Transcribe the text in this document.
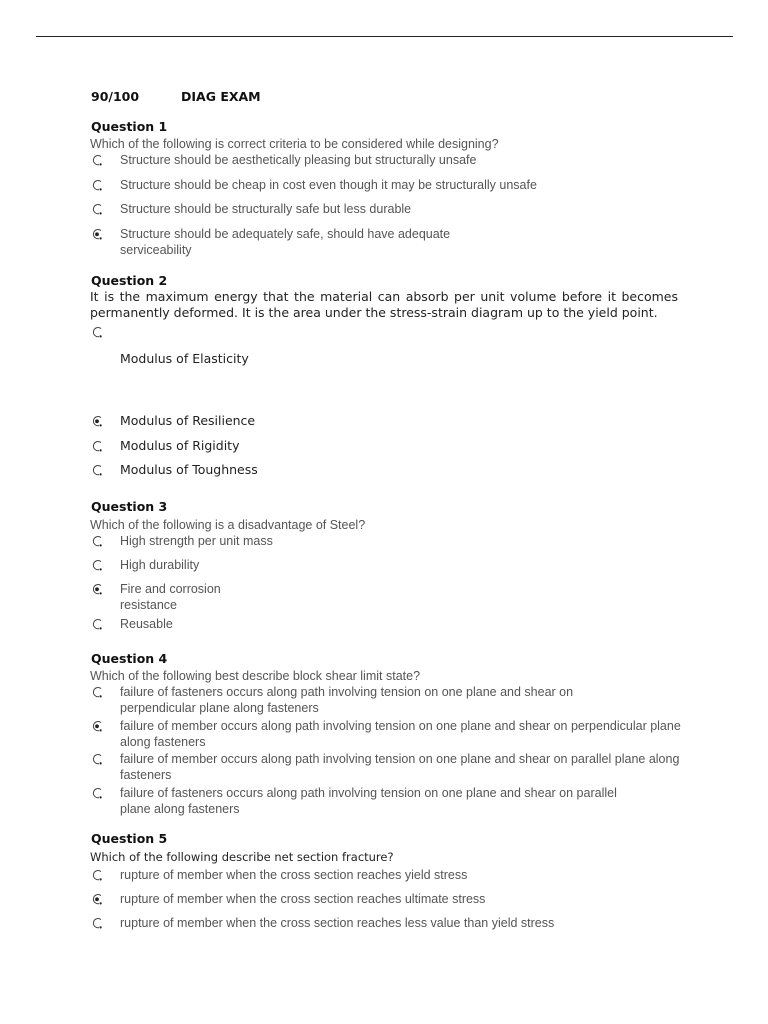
90/100	DIAG EXAM
Question 1
Which of the following is correct criteria to be considered while designing?
Structure should be aesthetically pleasing but structurally unsafe
Structure should be cheap in cost even though it may be structurally unsafe
Structure should be structurally safe but less durable
Structure should be adequately safe, should have adequate serviceability
Question 2
It is the maximum energy that the material can absorb per unit volume before it becomes permanently deformed. It is the area under the stress-strain diagram up to the yield point.
Modulus of Elasticity
Modulus of Resilience
Modulus of Rigidity
Modulus of Toughness
Question 3
Which of the following is a disadvantage of Steel?
High strength per unit mass
High durability
Fire and corrosion resistance
Reusable
Question 4
Which of the following best describe block shear limit state?
failure of fasteners occurs along path involving tension on one plane and shear on perpendicular plane along fasteners
failure of member occurs along path involving tension on one plane and shear on perpendicular plane along fasteners
failure of member occurs along path involving tension on one plane and shear on parallel plane along fasteners
failure of fasteners occurs along path involving tension on one plane and shear on parallel plane along fasteners
Question 5
Which of the following describe net section fracture?
rupture of member when the cross section reaches yield stress
rupture of member when the cross section reaches ultimate stress
rupture of member when the cross section reaches less value than yield stress
